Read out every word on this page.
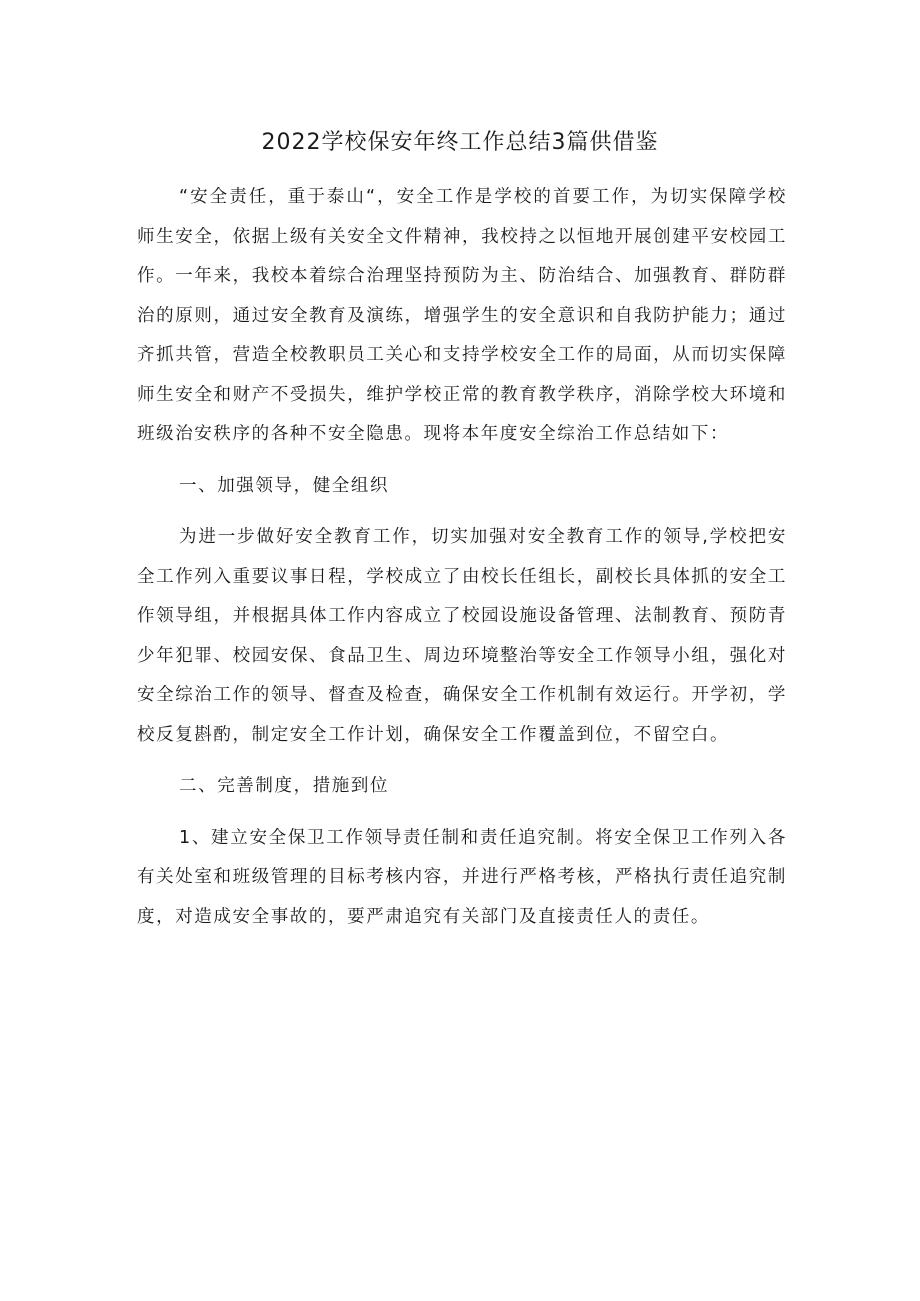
2022学校保安年终工作总结3篇供借鉴

“安全责任，重于泰山“，安全工作是学校的首要工作，为切实保障学校师生安全，依据上级有关安全文件精神，我校持之以恒地开展创建平安校园工作。一年来，我校本着综合治理坚持预防为主、防治结合、加强教育、群防群治的原则，通过安全教育及演练，增强学生的安全意识和自我防护能力；通过齐抓共管，营造全校教职员工关心和支持学校安全工作的局面，从而切实保障师生安全和财产不受损失，维护学校正常的教育教学秩序，消除学校大环境和班级治安秩序的各种不安全隐患。现将本年度安全综治工作总结如下：

一、加强领导，健全组织

为进一步做好安全教育工作，切实加强对安全教育工作的领导,学校把安全工作列入重要议事日程，学校成立了由校长任组长，副校长具体抓的安全工作领导组，并根据具体工作内容成立了校园设施设备管理、法制教育、预防青少年犯罪、校园安保、食品卫生、周边环境整治等安全工作领导小组，强化对安全综治工作的领导、督查及检查，确保安全工作机制有效运行。开学初，学校反复斟酌，制定安全工作计划，确保安全工作覆盖到位，不留空白。

二、完善制度，措施到位

1、建立安全保卫工作领导责任制和责任追究制。将安全保卫工作列入各有关处室和班级管理的目标考核内容，并进行严格考核，严格执行责任追究制度，对造成安全事故的，要严肃追究有关部门及直接责任人的责任。
